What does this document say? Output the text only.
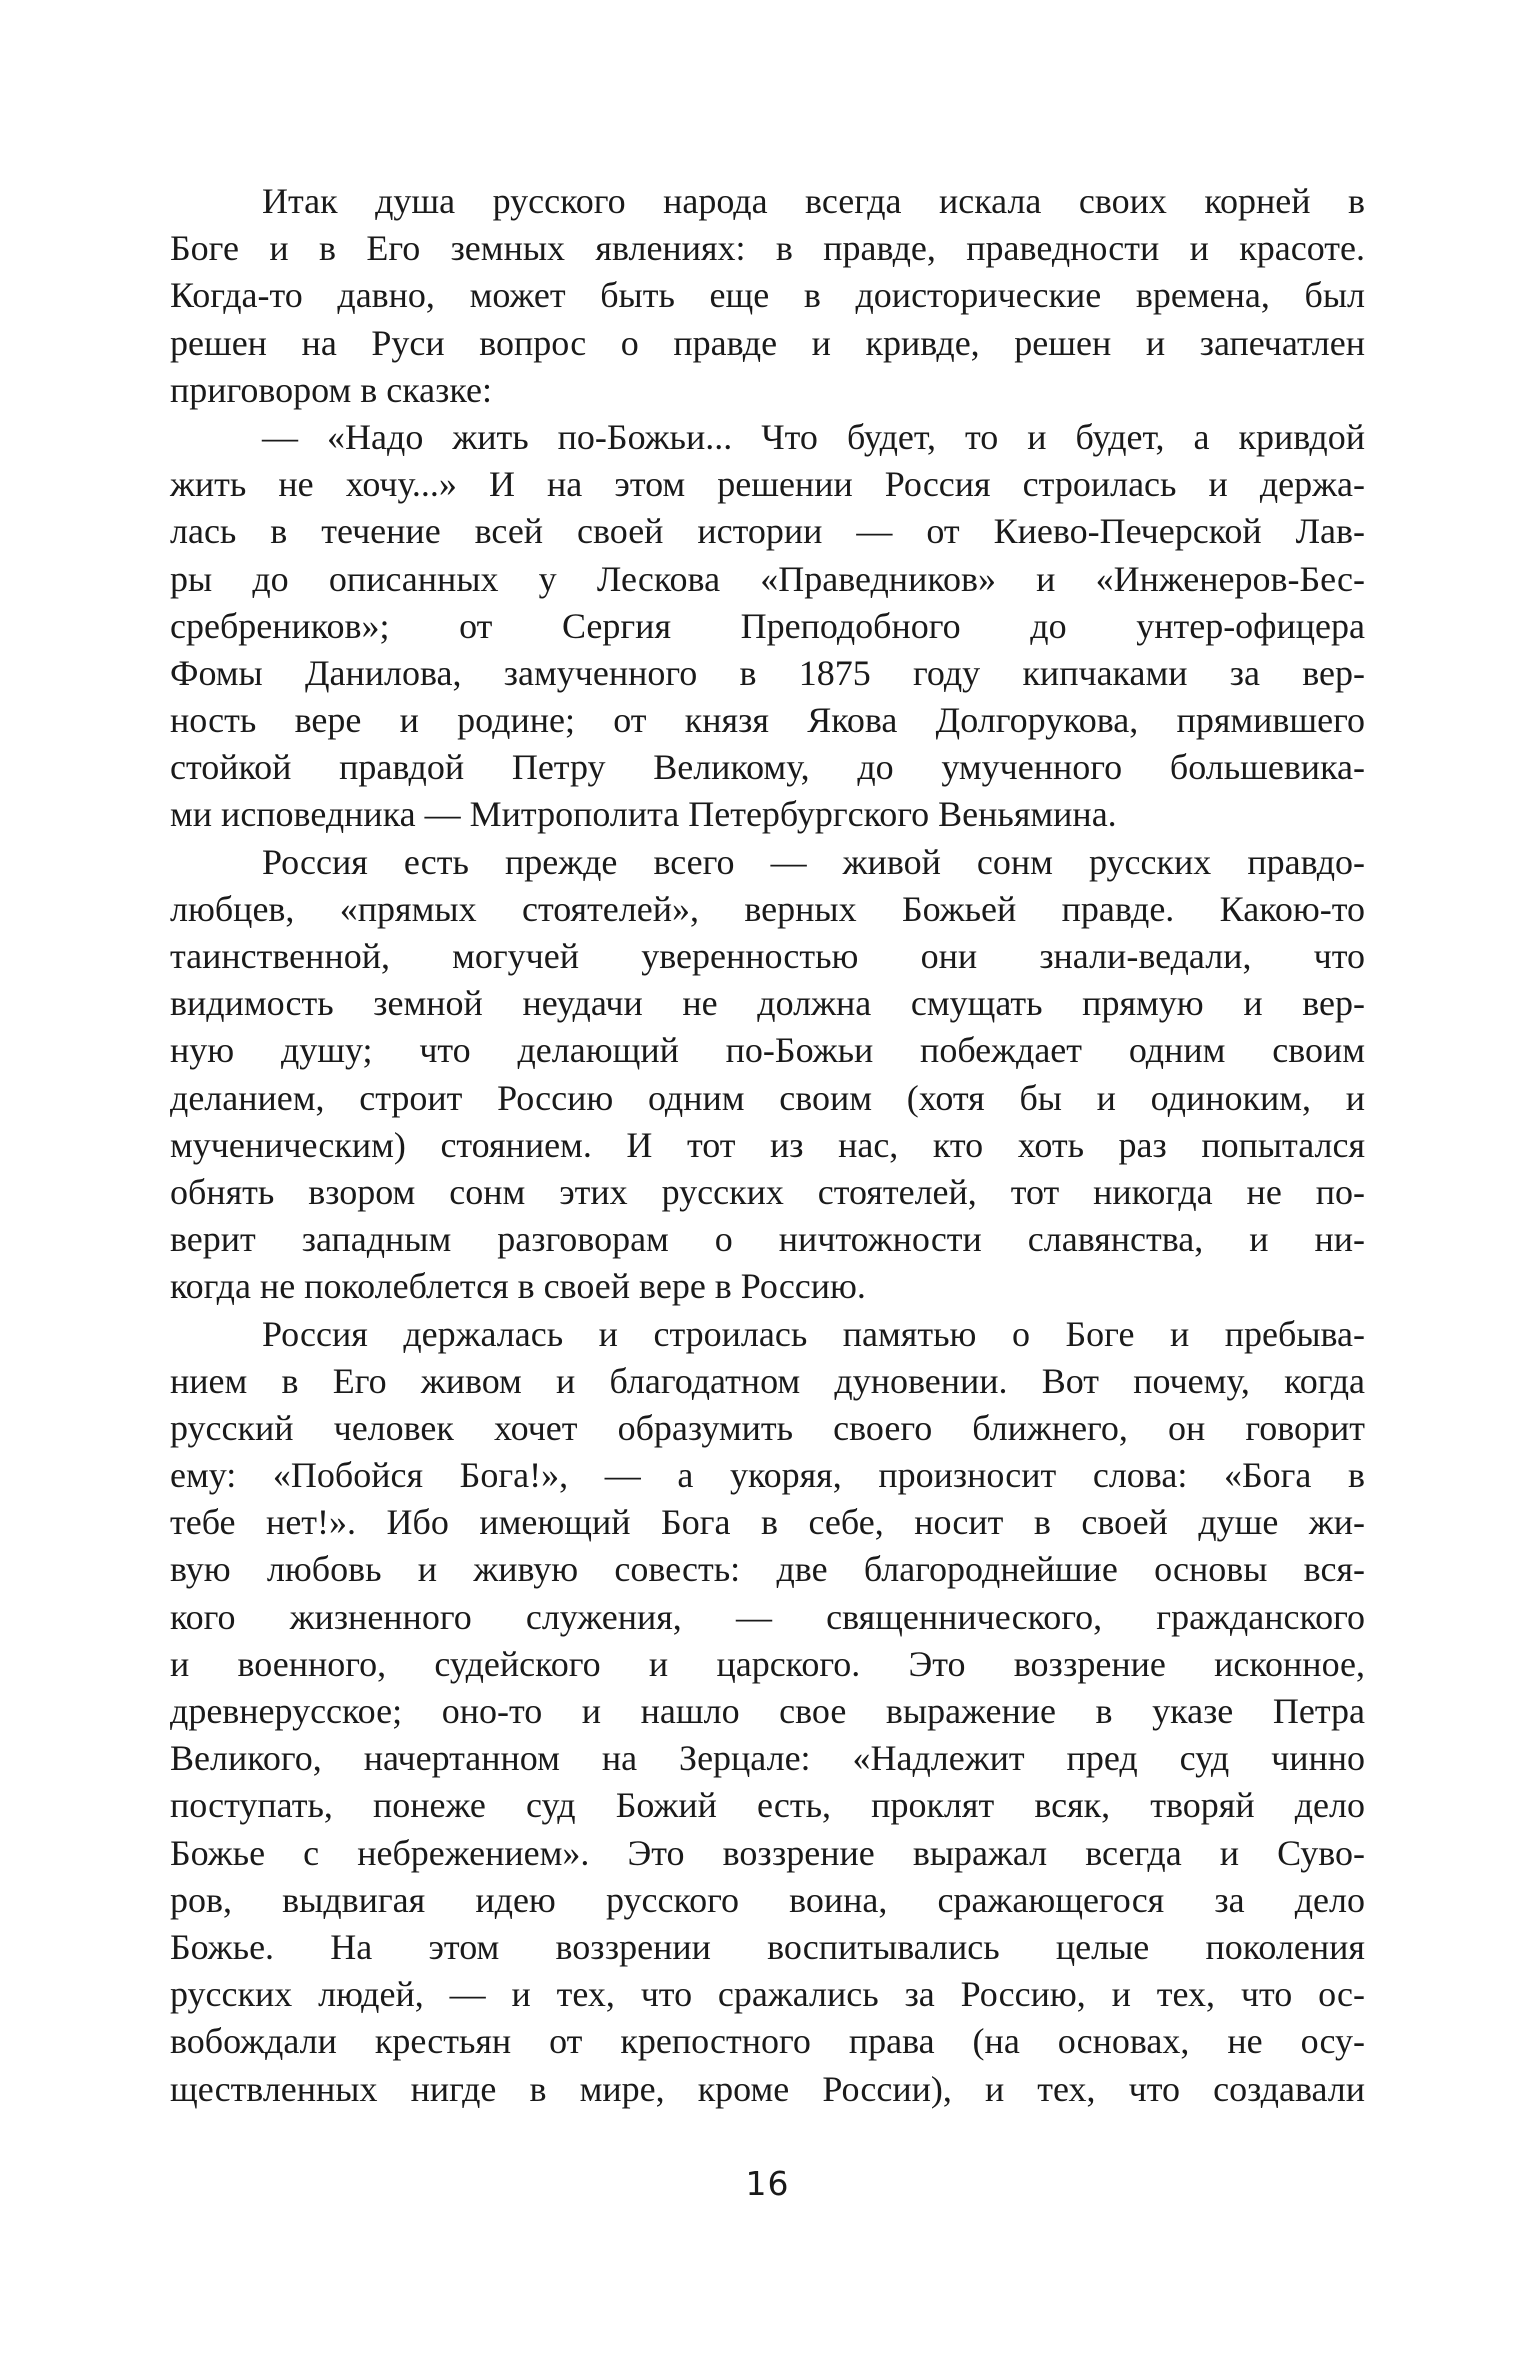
Итак душа русского народа всегда искала своих корней в
Боге и в Его земных явлениях: в правде, праведности и красоте.
Когда-то давно, может быть еще в доисторические времена, был
решен на Руси вопрос о правде и кривде, решен и запечатлен
приговором в сказке:
— «Надо жить по-Божьи... Что будет, то и будет, а кривдой
жить не хочу...» И на этом решении Россия строилась и держа-
лась в течение всей своей истории — от Киево-Печерской Лав-
ры до описанных у Лескова «Праведников» и «Инженеров-Бес-
сребреников»; от Сергия Преподобного до унтер-офицера
Фомы Данилова, замученного в 1875 году кипчаками за вер-
ность вере и родине; от князя Якова Долгорукова, прямившего
стойкой правдой Петру Великому, до умученного большевика-
ми исповедника — Митрополита Петербургского Веньямина.
Россия есть прежде всего — живой сонм русских правдо-
любцев, «прямых стоятелей», верных Божьей правде. Какою-то
таинственной, могучей уверенностью они знали-ведали, что
видимость земной неудачи не должна смущать прямую и вер-
ную душу; что делающий по-Божьи побеждает одним своим
деланием, строит Россию одним своим (хотя бы и одиноким, и
мученическим) стоянием. И тот из нас, кто хоть раз попытался
обнять взором сонм этих русских стоятелей, тот никогда не по-
верит западным разговорам о ничтожности славянства, и ни-
когда не поколеблется в своей вере в Россию.
Россия держалась и строилась памятью о Боге и пребыва-
нием в Его живом и благодатном дуновении. Вот почему, когда
русский человек хочет образумить своего ближнего, он говорит
ему: «Побойся Бога!», — а укоряя, произносит слова: «Бога в
тебе нет!». Ибо имеющий Бога в себе, носит в своей душе жи-
вую любовь и живую совесть: две благороднейшие основы вся-
кого жизненного служения, — священнического, гражданского
и военного, судейского и царского. Это воззрение исконное,
древнерусское; оно-то и нашло свое выражение в указе Петра
Великого, начертанном на Зерцале: «Надлежит пред суд чинно
поступать, понеже суд Божий есть, проклят всяк, творяй дело
Божье с небрежением». Это воззрение выражал всегда и Суво-
ров, выдвигая идею русского воина, сражающегося за дело
Божье. На этом воззрении воспитывались целые поколения
русских людей, — и тех, что сражались за Россию, и тех, что ос-
вобождали крестьян от крепостного права (на основах, не осу-
ществленных нигде в мире, кроме России), и тех, что создавали
16
